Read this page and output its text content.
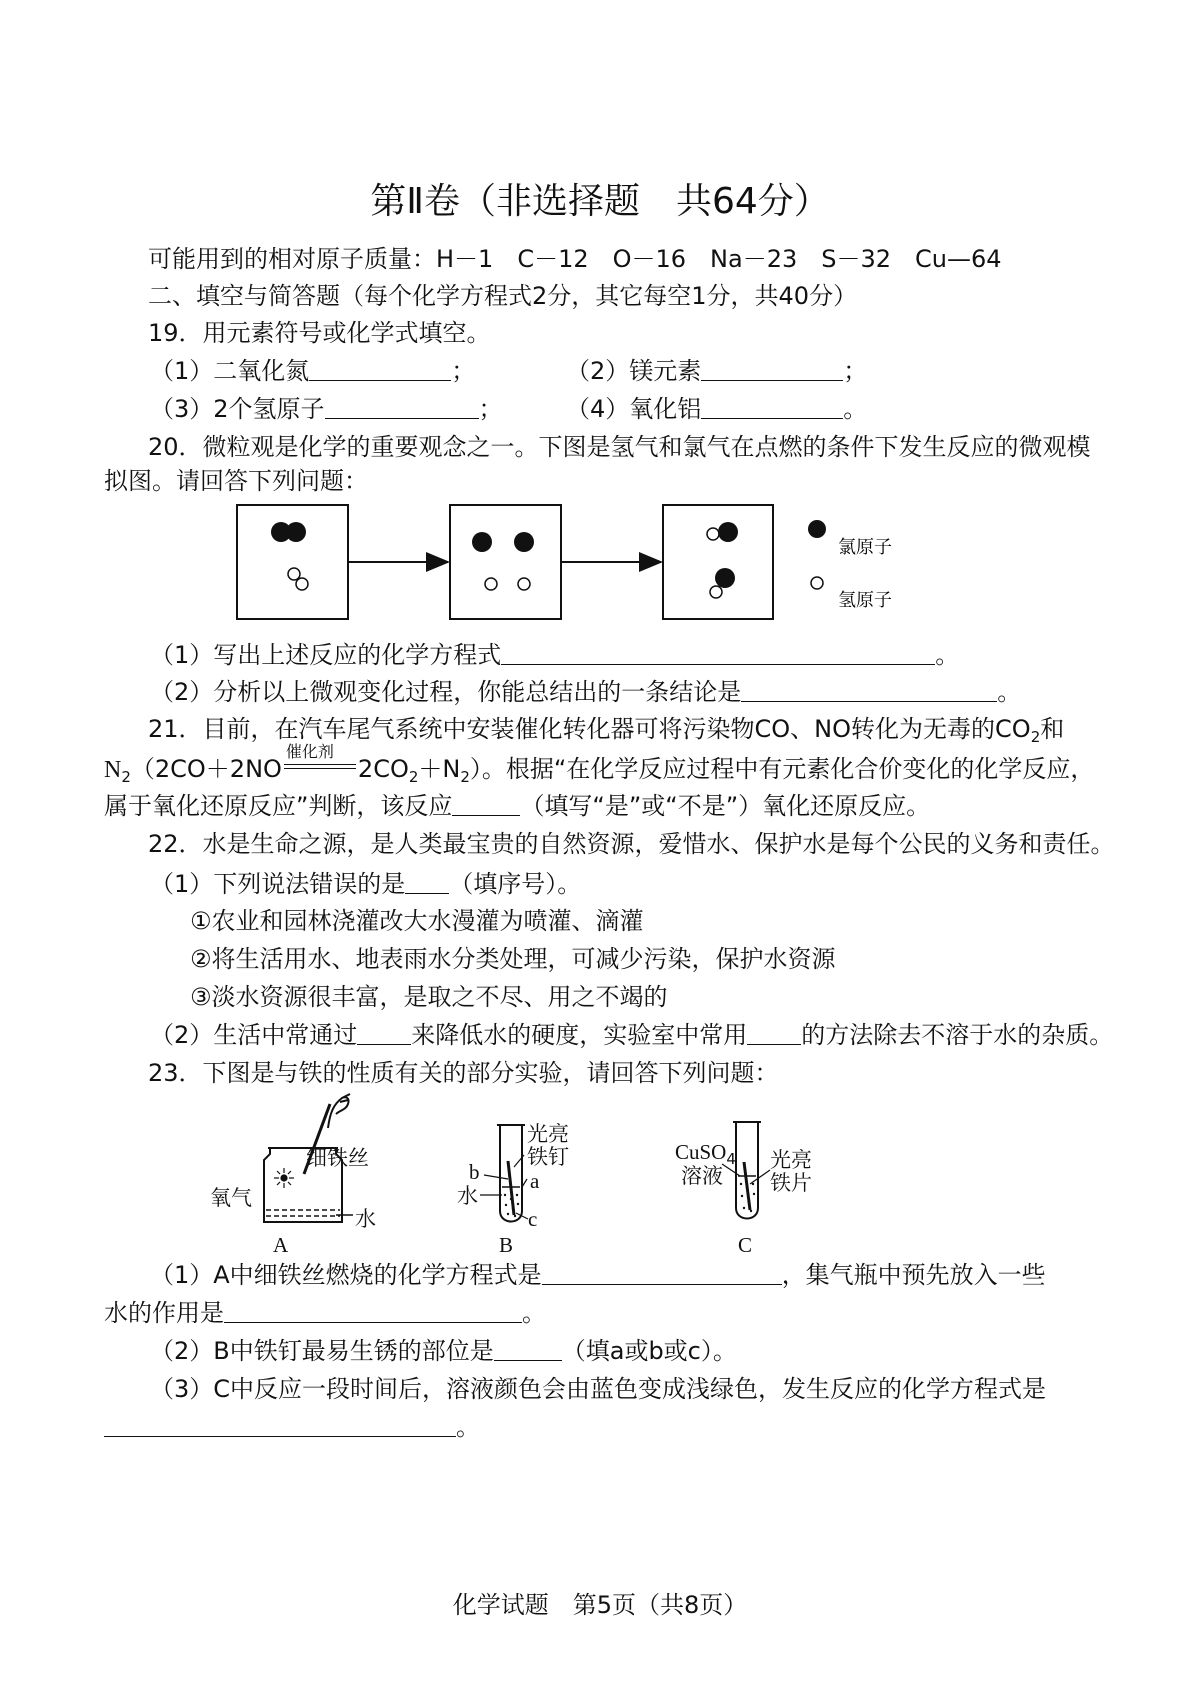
第Ⅱ卷（非选择题　共64分）
可能用到的相对原子质量：H－1　C－12　O－16　Na－23　S－32　Cu—64
二、填空与简答题（每个化学方程式2分，其它每空1分，共40分）
19．用元素符号或化学式填空。
（1）二氧化氮	；	（2）镁元素	；
（3）2个氢原子	；	（4）氧化铝	。
20．微粒观是化学的重要观念之一。下图是氢气和氯气在点燃的条件下发生反应的微观模
拟图。请回答下列问题：
氯原子
氢原子
（1）写出上述反应的化学方程式	。
（2）分析以上微观变化过程，你能总结出的一条结论是	。
21．目前，在汽车尾气系统中安装催化转化器可将污染物CO、NO转化为无毒的$CO_2$和
$N_2(2CO+2NO$
催化剂
$2CO_2+N_2$）。根据“在化学反应过程中有元素化合价变化的化学反应，
属于氧化还原反应”判断，该反应	（填写“是”或“不是”）氧化还原反应。
22．水是生命之源，是人类最宝贵的自然资源，爱惜水、保护水是每个公民的义务和责任。
（1）下列说法错误的是 （填序号）。
①农业和园林浇灌改大水漫灌为喷灌、滴灌
②将生活用水、地表雨水分类处理，可减少污染，保护水资源
③淡水资源很丰富，是取之不尽、用之不竭的
（2）生活中常通过 来降低水的硬度，实验室中常用 的方法除去不溶于水的杂质。
23．下图是与铁的性质有关的部分实验，请回答下列问题：
细铁丝
氧气
水
A
光亮
铁钉
b a
水
c
B
CuSO$_4$
溶液
光亮
铁片
C
（1）A中细铁丝燃烧的化学方程式是	，集气瓶中预先放入一些
水的作用是	。
（2）B中铁钉最易生锈的部位是	（填a或b或c）。
（3）C中反应一段时间后，溶液颜色会由蓝色变成浅绿色，发生反应的化学方程式是
。
化学试题　第5页（共8页）
